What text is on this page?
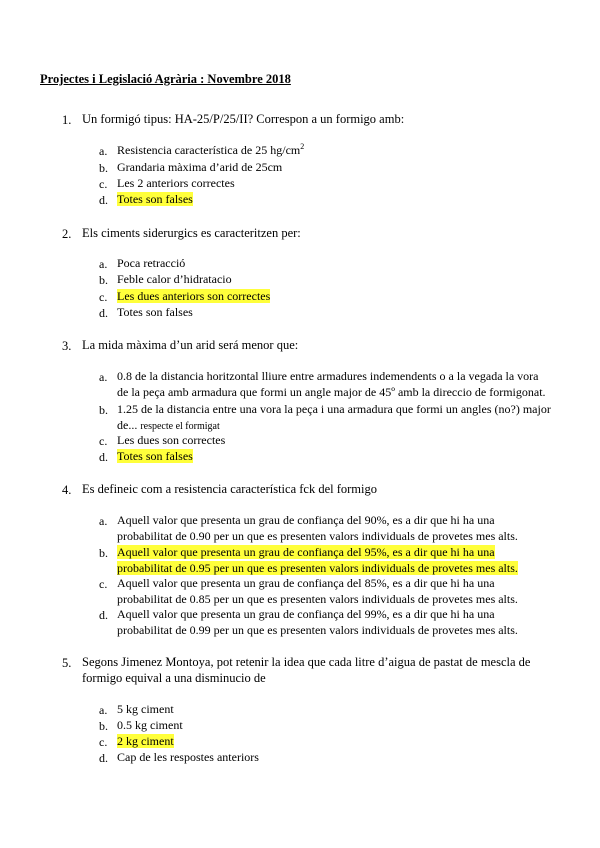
Projectes i Legislació Agrària : Novembre 2018
1. Un formigó tipus: HA-25/P/25/II? Correspon a un formigo amb:
a. Resistencia característica de 25 $hg/cm^2$
b. Grandaria màxima d’arid de 25cm
c. Les 2 anteriors correctes
d. Totes son falses
2. Els ciments siderurgics es caracteritzen per:
a. Poca retracció
b. Feble calor d’hidratacio
c. Les dues anteriors son correctes
d. Totes son falses
3. La mida màxima d’un arid será menor que:
a. 0.8 de la distancia horitzontal lliure entre armadures indemendents o a la vegada la vora
de la peça amb armadura que formi un angle major de 45º amb la direccio de formigonat.
b. 1.25 de la distancia entre una vora la peça i una armadura que formi un angles (no?) major
de... respecte el formigat
c. Les dues son correctes
d. Totes son falses
4. Es defineic com a resistencia característica fck del formigo
a. Aquell valor que presenta un grau de confiança del 90%, es a dir que hi ha una
probabilitat de 0.90 per un que es presenten valors individuals de provetes mes alts.
b. Aquell valor que presenta un grau de confiança del 95%, es a dir que hi ha una
probabilitat de 0.95 per un que es presenten valors individuals de provetes mes alts.
c. Aquell valor que presenta un grau de confiança del 85%, es a dir que hi ha una
probabilitat de 0.85 per un que es presenten valors individuals de provetes mes alts.
d. Aquell valor que presenta un grau de confiança del 99%, es a dir que hi ha una
probabilitat de 0.99 per un que es presenten valors individuals de provetes mes alts.
5. Segons Jimenez Montoya, pot retenir la idea que cada litre d’aigua de pastat de mescla de
formigo equival a una disminucio de
a. 5 kg ciment
b. 0.5 kg ciment
c. 2 kg ciment
d. Cap de les respostes anteriors
